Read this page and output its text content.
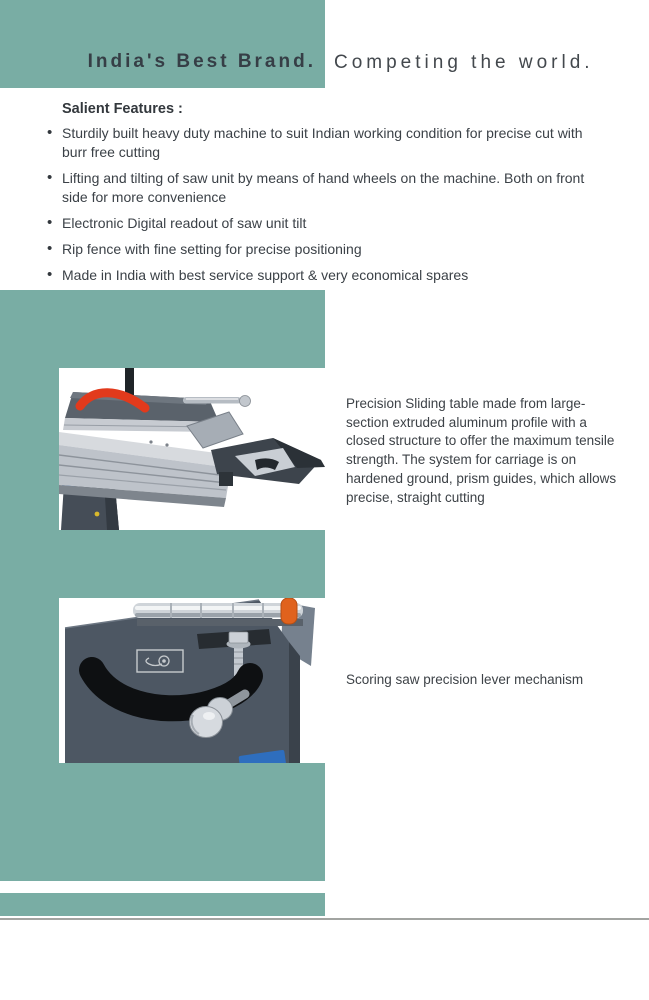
India's Best Brand. Competing the world.
Salient Features :
• Sturdily built heavy duty machine to suit Indian working condition for precise cut with burr free cutting
• Lifting and tilting of saw unit by means of hand wheels on the machine. Both on front side for more convenience
• Electronic Digital readout of saw unit tilt
• Rip fence with fine setting for precise positioning
• Made in India with best service support & very economical spares
Precision Sliding table made from large-section extruded aluminum profile with a closed structure to offer the maximum tensile strength. The system for carriage is on hardened ground, prism guides, which allows precise, straight cutting
Scoring saw precision lever mechanism
